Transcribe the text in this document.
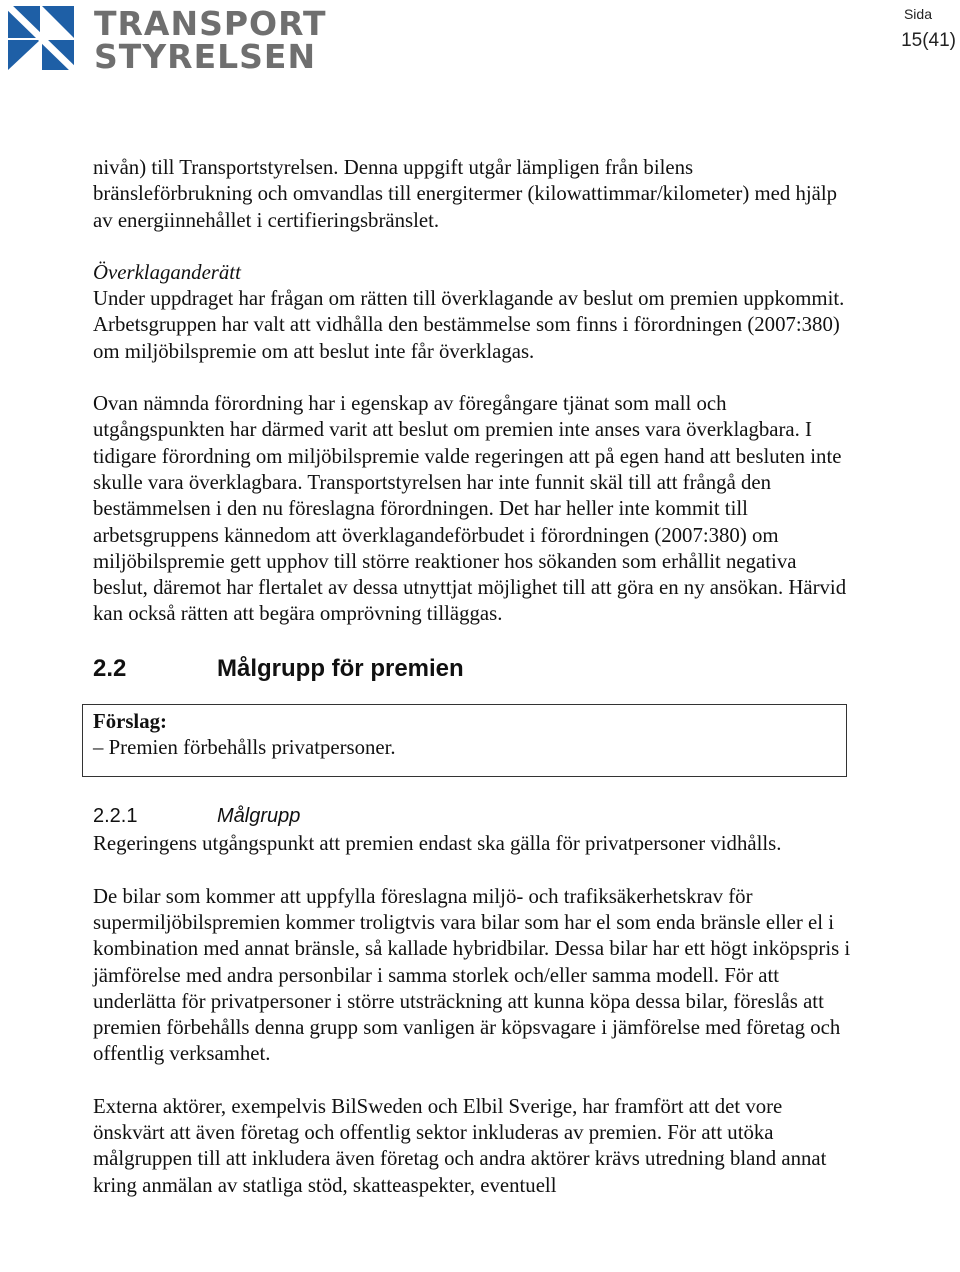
TRANSPORT
STYRELSEN
Sida
15(41)

nivån) till Transportstyrelsen. Denna uppgift utgår lämpligen från bilens bränsleförbrukning och omvandlas till energitermer (kilowattimmar/kilometer) med hjälp av energiinnehållet i certifieringsbränslet.

Överklaganderätt

Under uppdraget har frågan om rätten till överklagande av beslut om premien uppkommit. Arbetsgruppen har valt att vidhålla den bestämmelse som finns i förordningen (2007:380) om miljöbilspremie om att beslut inte får överklagas.

Ovan nämnda förordning har i egenskap av föregångare tjänat som mall och utgångspunkten har därmed varit att beslut om premien inte anses vara överklagbara. I tidigare förordning om miljöbilspremie valde regeringen att på egen hand att besluten inte skulle vara överklagbara. Transportstyrelsen har inte funnit skäl till att frångå den bestämmelsen i den nu föreslagna förordningen. Det har heller inte kommit till arbetsgruppens kännedom att överklagandeförbudet i förordningen (2007:380) om miljöbilspremie gett upphov till större reaktioner hos sökanden som erhållit negativa beslut, däremot har flertalet av dessa utnyttjat möjlighet till att göra en ny ansökan. Härvid kan också rätten att begära omprövning tilläggas.

2.2	Målgrupp för premien
Förslag:
– Premien förbehålls privatpersoner.
2.2.1	Målgrupp

Regeringens utgångspunkt att premien endast ska gälla för privatpersoner vidhålls.

De bilar som kommer att uppfylla föreslagna miljö- och trafiksäkerhetskrav för supermiljöbilspremien kommer troligtvis vara bilar som har el som enda bränsle eller el i kombination med annat bränsle, så kallade hybridbilar. Dessa bilar har ett högt inköpspris i jämförelse med andra personbilar i samma storlek och/eller samma modell. För att underlätta för privatpersoner i större utsträckning att kunna köpa dessa bilar, föreslås att premien förbehålls denna grupp som vanligen är köpsvagare i jämförelse med företag och offentlig verksamhet.

Externa aktörer, exempelvis BilSweden och Elbil Sverige, har framfört att det vore önskvärt att även företag och offentlig sektor inkluderas av premien. För att utöka målgruppen till att inkludera även företag och andra aktörer krävs utredning bland annat kring anmälan av statliga stöd, skatteaspekter, eventuell
